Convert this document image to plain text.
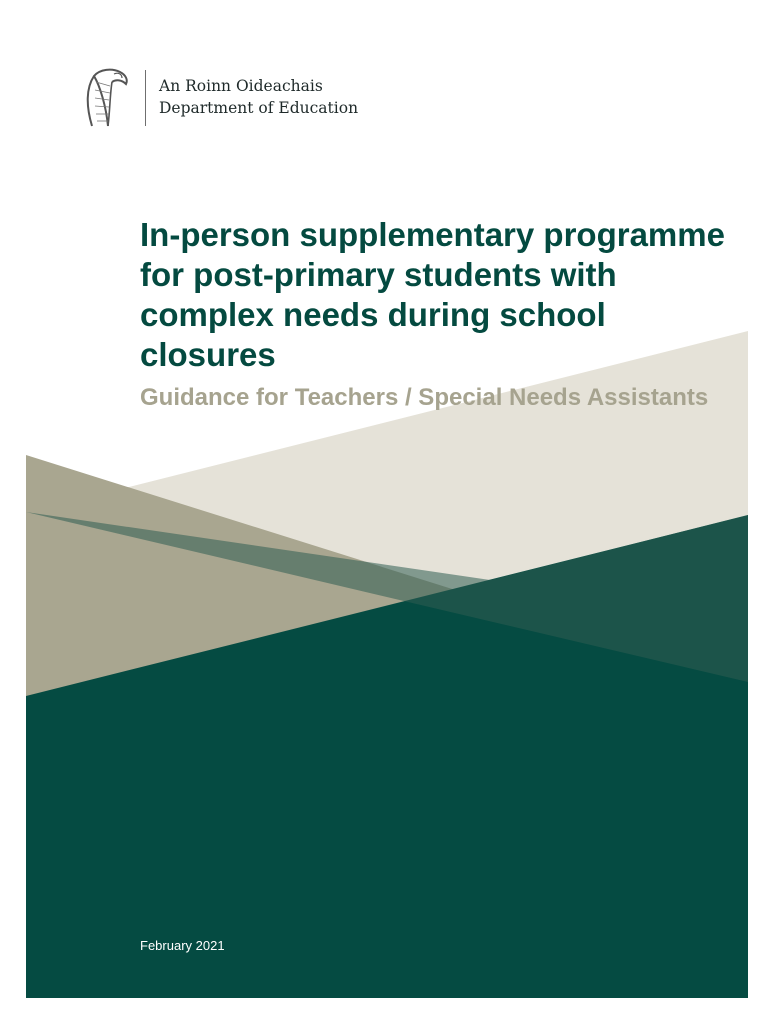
An Roinn Oideachais
Department of Education
In-person supplementary programme for post-primary students with complex needs during school closures
Guidance for Teachers / Special Needs Assistants
February 2021
